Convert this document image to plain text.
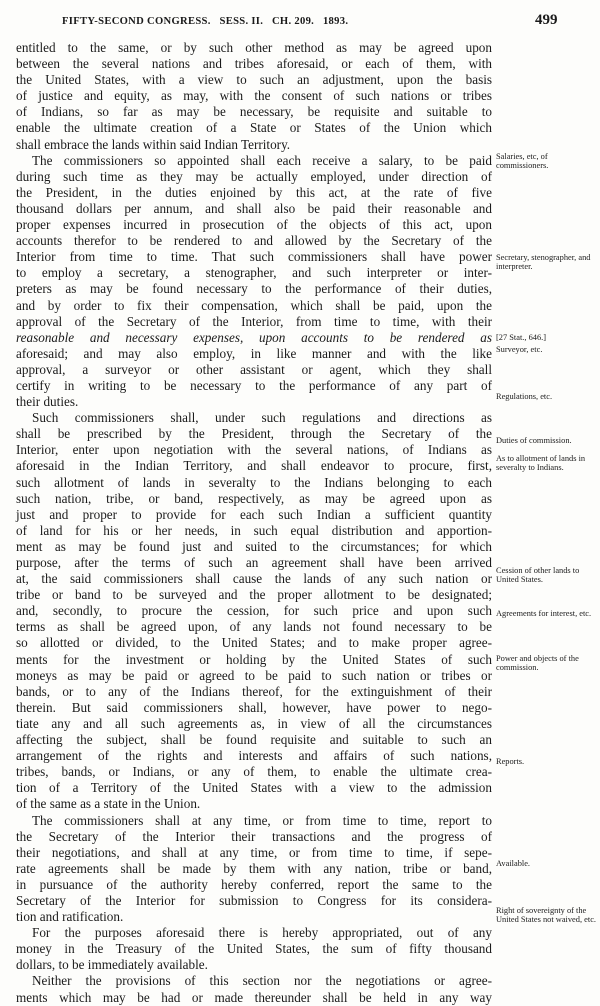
FIFTY-SECOND CONGRESS.   SESS. II.   CH. 209.   1893.	499
entitled to the same, or by such other method as may be agreed upon
between the several nations and tribes aforesaid, or each of them, with
the United States, with a view to such an adjustment, upon the basis
of justice and equity, as may, with the consent of such nations or tribes
of Indians, so far as may be necessary, be requisite and suitable to
enable the ultimate creation of a State or States of the Union which
shall embrace the lands within said Indian Territory.
The commissioners so appointed shall each receive a salary, to be paid
during such time as they may be actually employed, under direction of
the President, in the duties enjoined by this act, at the rate of five
thousand dollars per annum, and shall also be paid their reasonable and
proper expenses incurred in prosecution of the objects of this act, upon
accounts therefor to be rendered to and allowed by the Secretary of the
Interior from time to time. That such commissioners shall have power
to employ a secretary, a stenographer, and such interpreter or inter-
preters as may be found necessary to the performance of their duties,
and by order to fix their compensation, which shall be paid, upon the
approval of the Secretary of the Interior, from time to time, with their
reasonable and necessary expenses, upon accounts to be rendered as
aforesaid; and may also employ, in like manner and with the like
approval, a surveyor or other assistant or agent, which they shall
certify in writing to be necessary to the performance of any part of
their duties.
Such commissioners shall, under such regulations and directions as
shall be prescribed by the President, through the Secretary of the
Interior, enter upon negotiation with the several nations, of Indians as
aforesaid in the Indian Territory, and shall endeavor to procure, first,
such allotment of lands in severalty to the Indians belonging to each
such nation, tribe, or band, respectively, as may be agreed upon as
just and proper to provide for each such Indian a sufficient quantity
of land for his or her needs, in such equal distribution and apportion-
ment as may be found just and suited to the circumstances; for which
purpose, after the terms of such an agreement shall have been arrived
at, the said commissioners shall cause the lands of any such nation or
tribe or band to be surveyed and the proper allotment to be designated;
and, secondly, to procure the cession, for such price and upon such
terms as shall be agreed upon, of any lands not found necessary to be
so allotted or divided, to the United States; and to make proper agree-
ments for the investment or holding by the United States of such
moneys as may be paid or agreed to be paid to such nation or tribes or
bands, or to any of the Indians thereof, for the extinguishment of their
therein. But said commissioners shall, however, have power to nego-
tiate any and all such agreements as, in view of all the circumstances
affecting the subject, shall be found requisite and suitable to such an
arrangement of the rights and interests and affairs of such nations,
tribes, bands, or Indians, or any of them, to enable the ultimate crea-
tion of a Territory of the United States with a view to the admission
of the same as a state in the Union.
The commissioners shall at any time, or from time to time, report to
the Secretary of the Interior their transactions and the progress of
their negotiations, and shall at any time, or from time to time, if sepe-
rate agreements shall be made by them with any nation, tribe or band,
in pursuance of the authority hereby conferred, report the same to the
Secretary of the Interior for submission to Congress for its considera-
tion and ratification.
For the purposes aforesaid there is hereby appropriated, out of any
money in the Treasury of the United States, the sum of fifty thousand
dollars, to be immediately available.
Neither the provisions of this section nor the negotiations or agree-
ments which may be had or made thereunder shall be held in any way
Salaries, etc, of commissioners.
Secretary, stenographer, and interpreter.
[27 Stat., 646.]
Surveyor, etc.
Regulations, etc.
Duties of commission.
As to allotment of lands in severalty to Indians.
Cession of other lands to United States.
Agreements for interest, etc.
Power and objects of the commission.
Reports.
Available.
Right of sovereignty of the United States not waived, etc.
